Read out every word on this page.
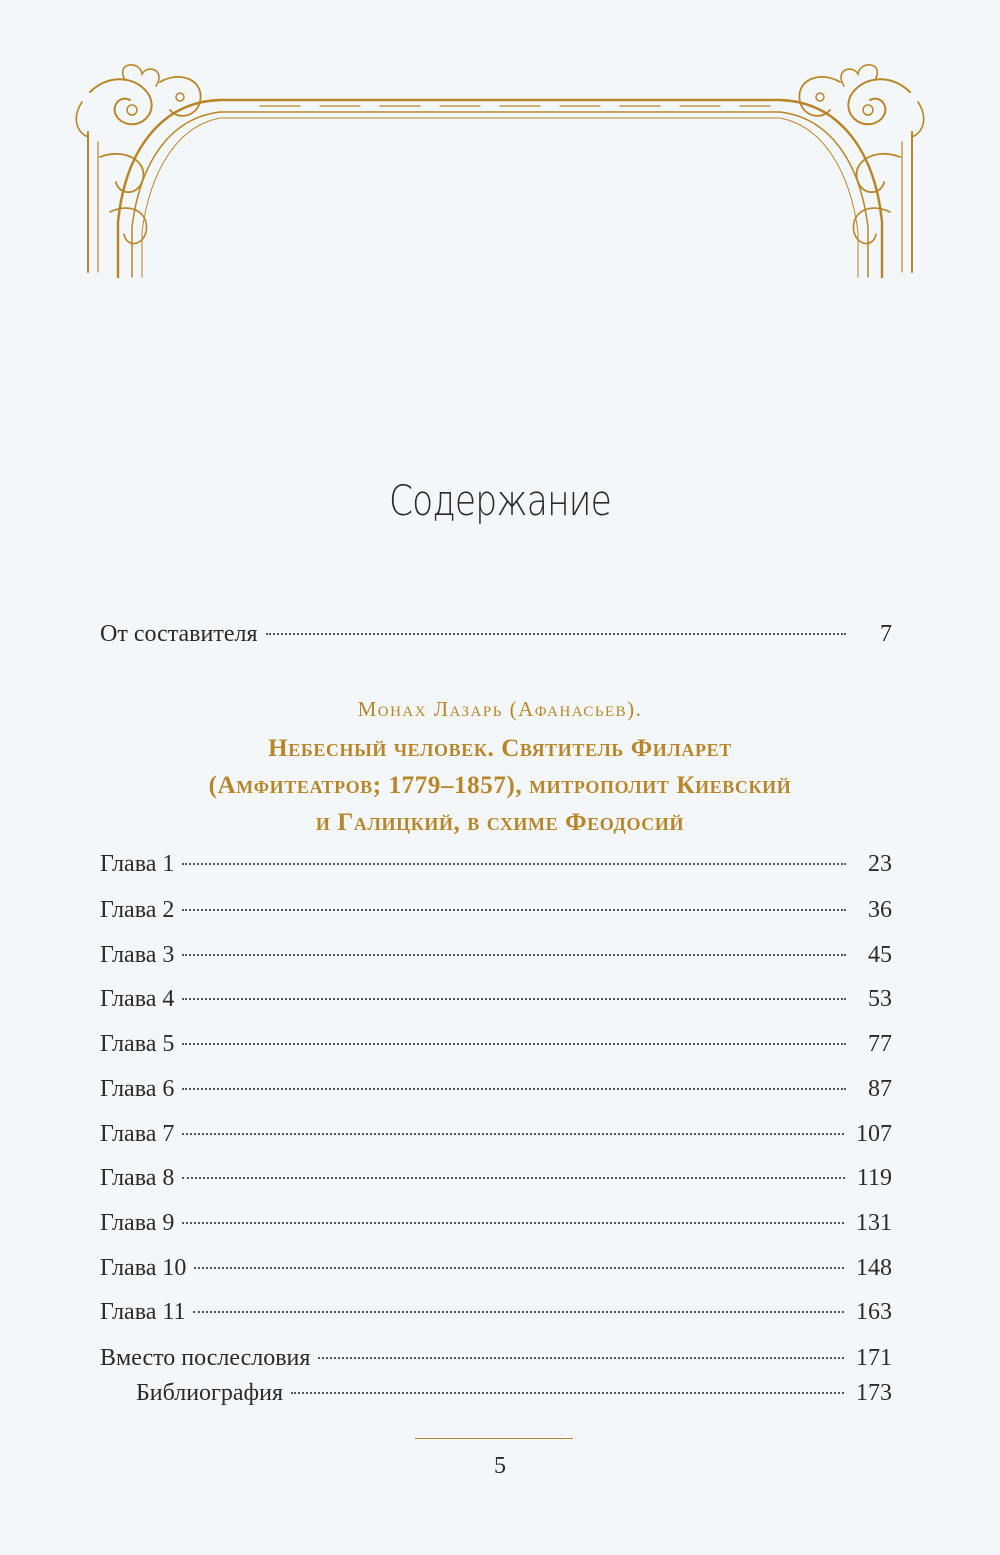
Содержание
От составителя	7
Монах Лазарь (Афанасьев).
Небесный человек. Святитель Филарет
(Амфитеатров; 1779–1857), митрополит Киевский
и Галицкий, в схиме Феодосий
Глава 1	23
Глава 2	36
Глава 3	45
Глава 4	53
Глава 5	77
Глава 6	87
Глава 7	107
Глава 8	119
Глава 9	131
Глава 10	148
Глава 11	163
Вместо послесловия	171
Библиография	173
5
